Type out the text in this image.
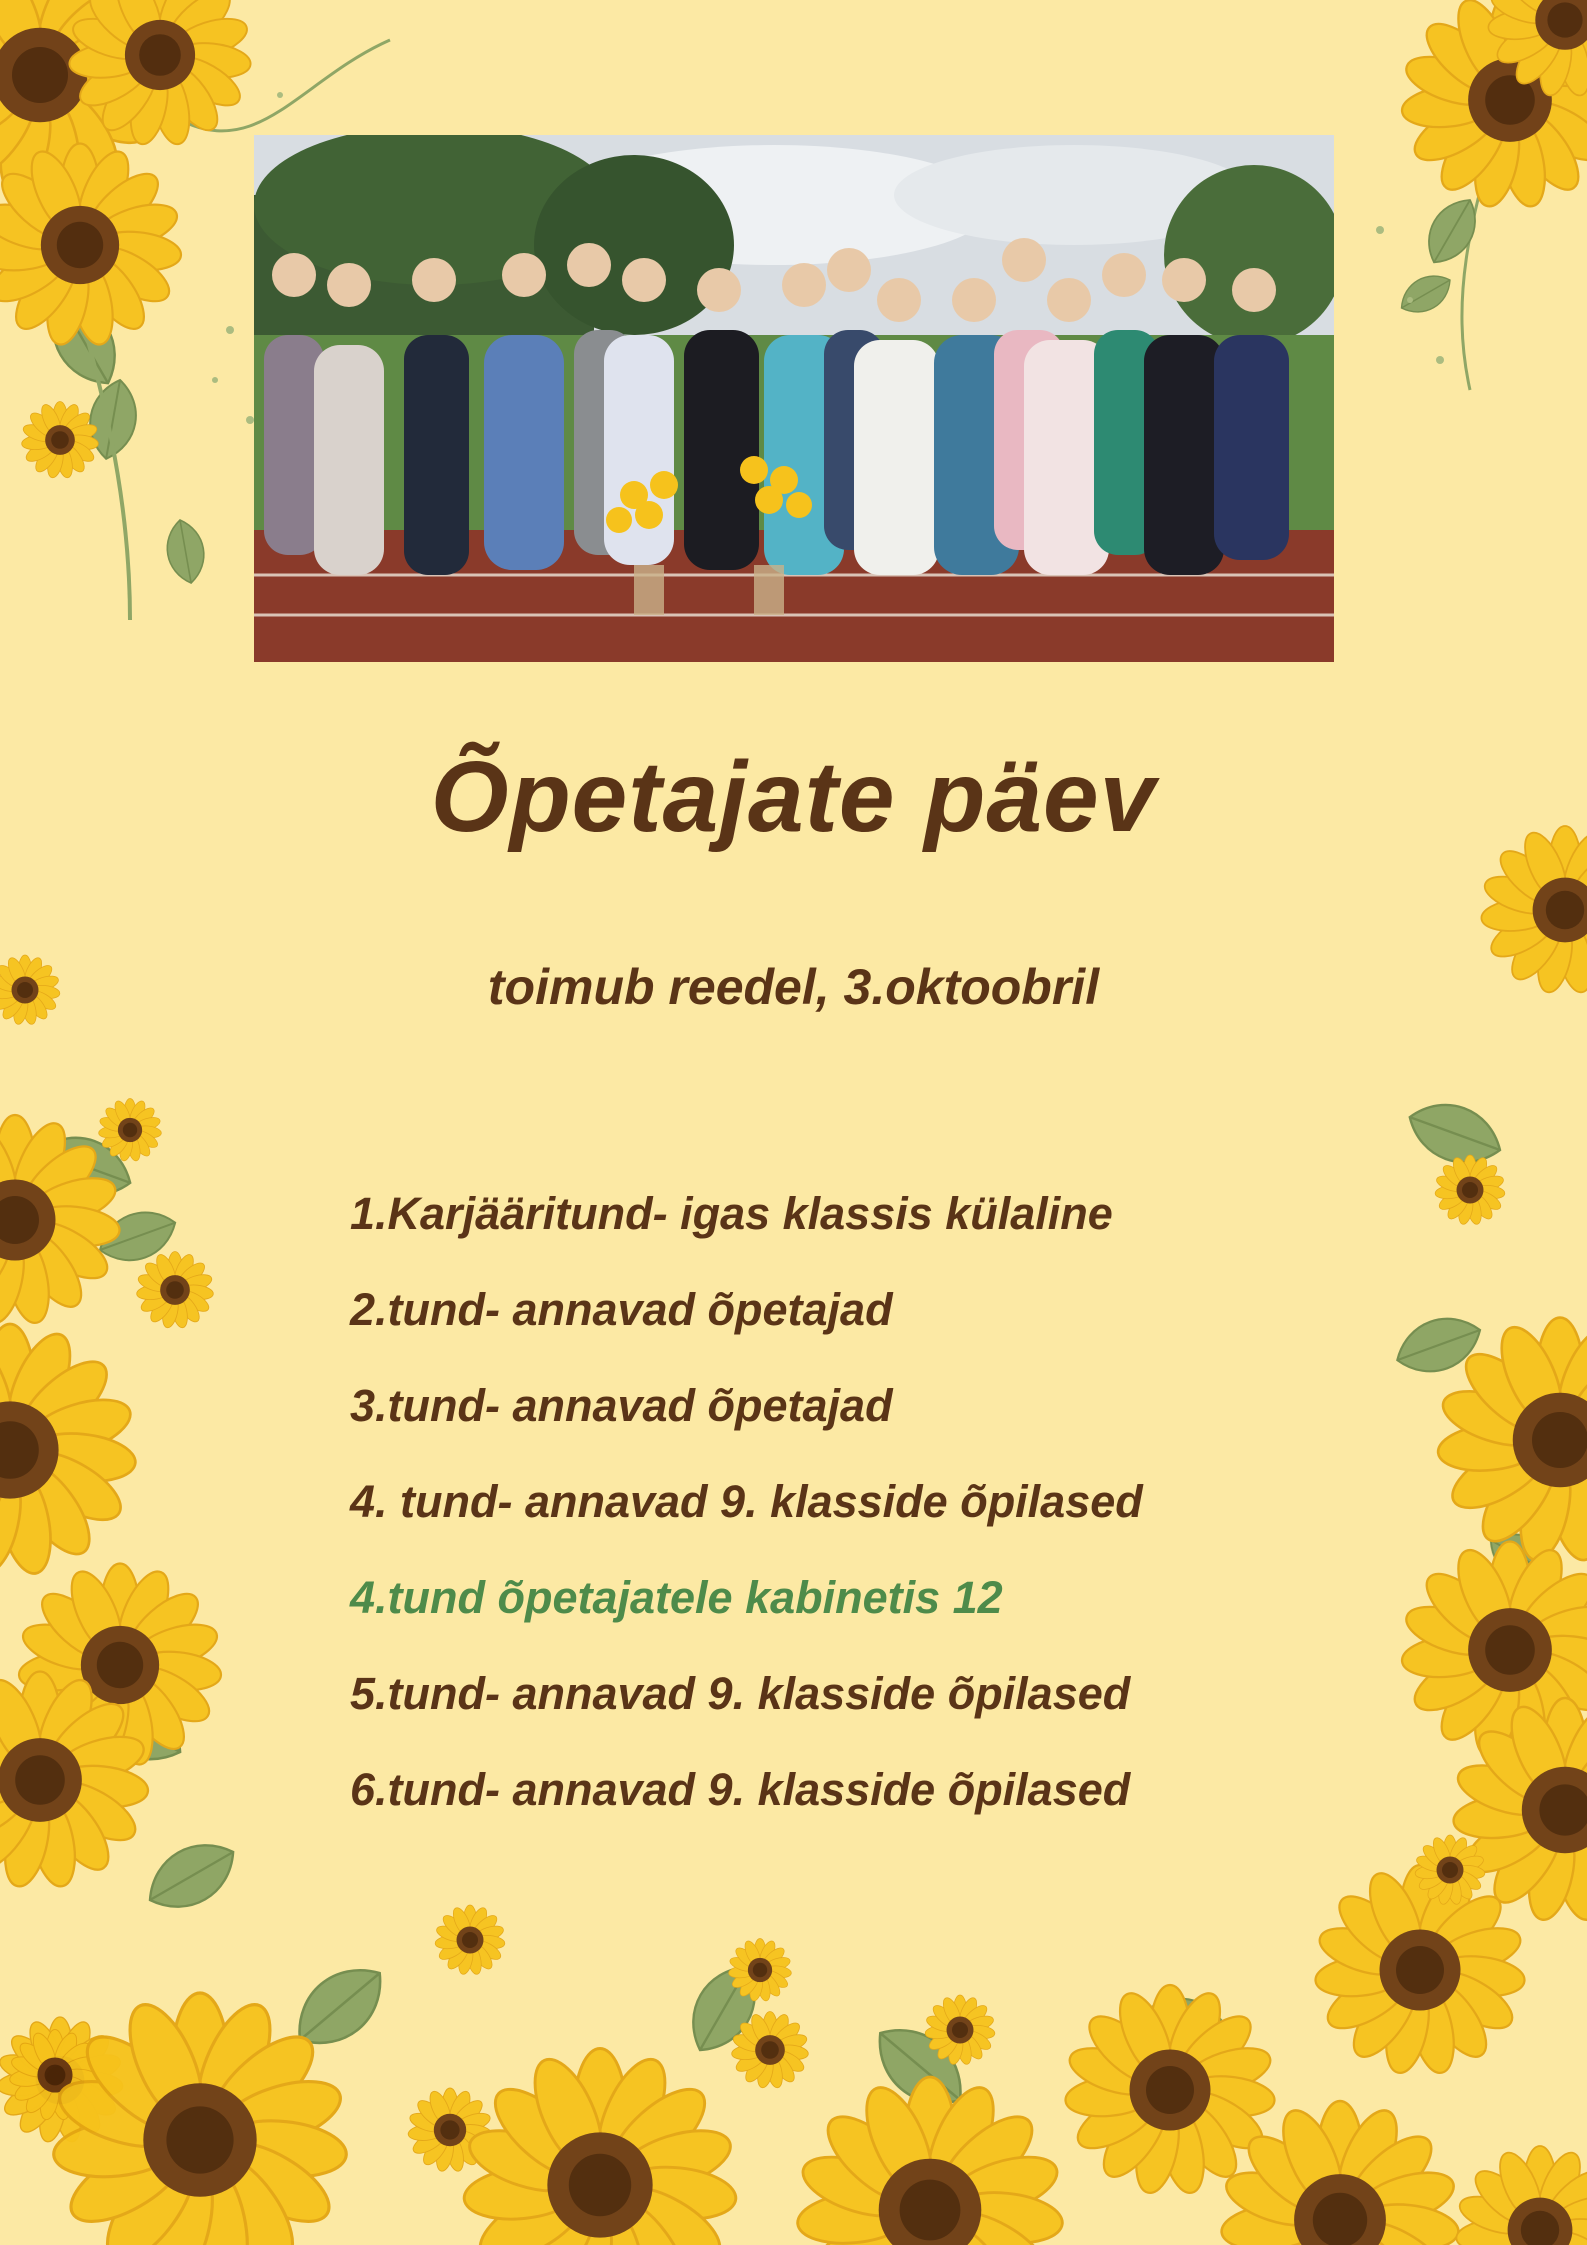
Õpetajate päev
toimub reedel, 3.oktoobril
1.Karjääritund- igas klassis külaline
2.tund- annavad õpetajad
3.tund- annavad õpetajad
4. tund- annavad 9. klasside õpilased
4.tund õpetajatele kabinetis 12
5.tund- annavad 9. klasside õpilased
6.tund- annavad 9. klasside õpilased
